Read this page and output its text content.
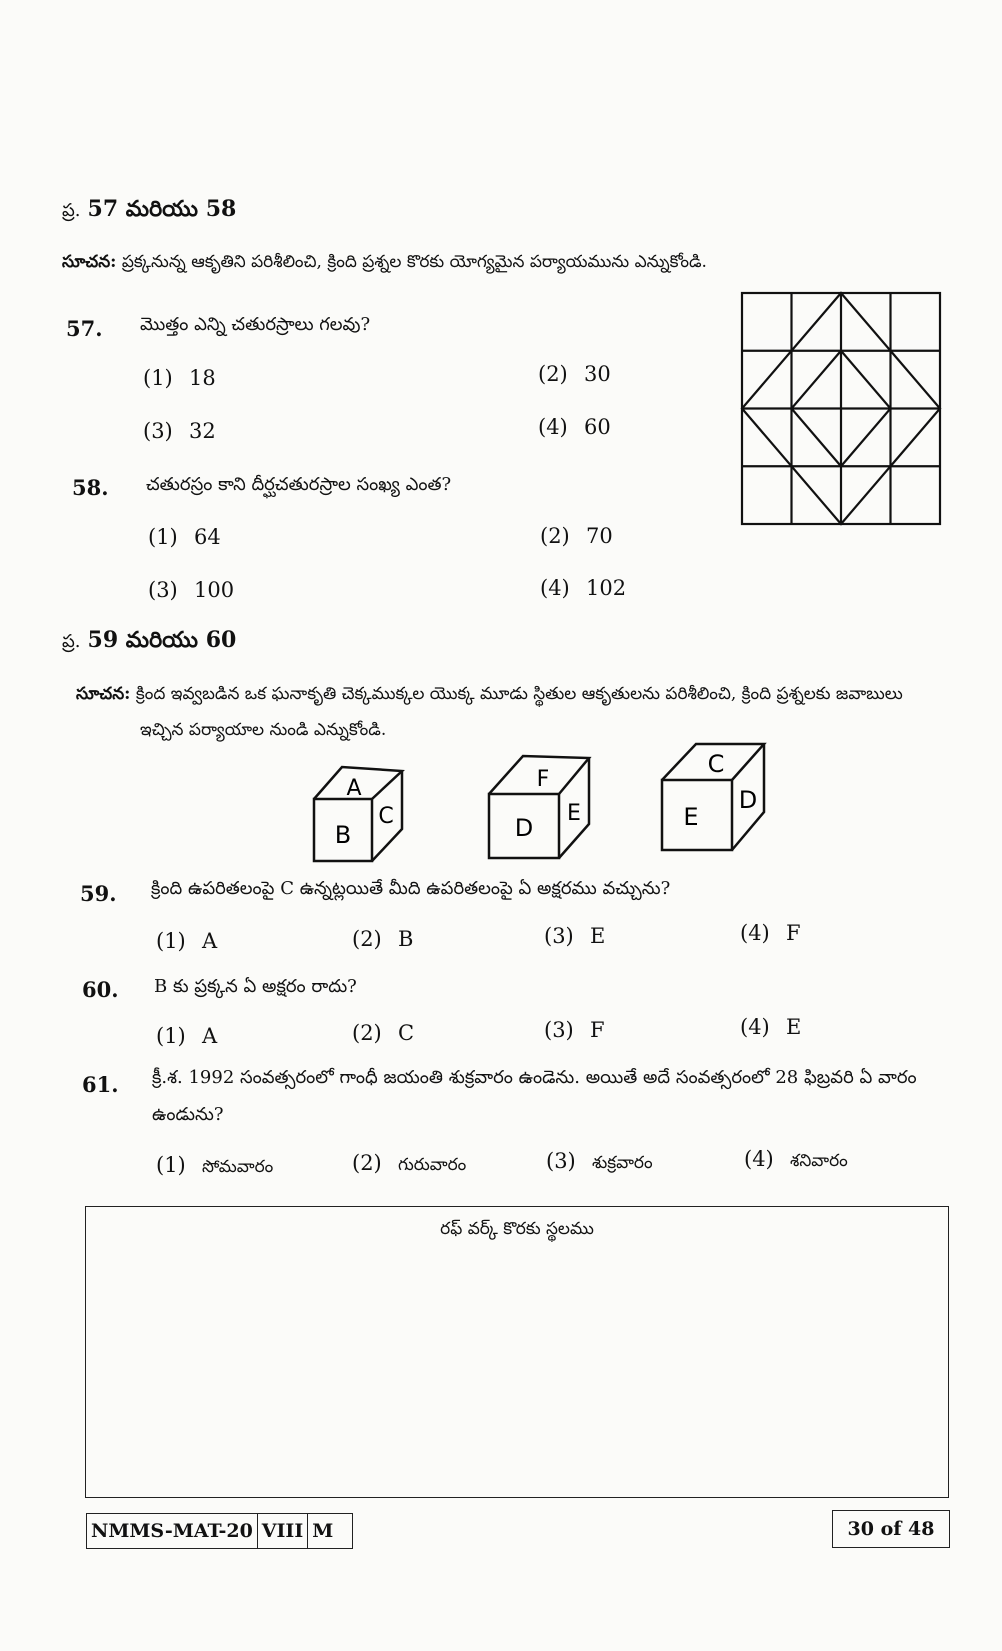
ప్ర. 57 మరియు 58
సూచన: ప్రక్కనున్న ఆకృతిని పరిశీలించి, క్రింది ప్రశ్నల కొరకు యోగ్యమైన పర్యాయమును ఎన్నుకోండి.
57. మొత్తం ఎన్ని చతురస్రాలు గలవు?
(1) 18	(2) 30
(3) 32	(4) 60
58. చతురస్రం కాని దీర్ఘచతురస్రాల సంఖ్య ఎంత?
(1) 64	(2) 70
(3) 100	(4) 102
ప్ర. 59 మరియు 60
సూచన: క్రింద ఇవ్వబడిన ఒక ఘనాకృతి చెక్కముక్కల యొక్క మూడు స్థితుల ఆకృతులను పరిశీలించి, క్రింది ప్రశ్నలకు జవాబులు
ఇచ్చిన పర్యాయాల నుండి ఎన్నుకోండి.
A
B
C
F
D
E
C
E
D
59. క్రింది ఉపరితలంపై C ఉన్నట్లయితే మీది ఉపరితలంపై ఏ అక్షరము వచ్చును?
(1) A	(2) B	(3) E	(4) F
60. B కు ప్రక్కన ఏ అక్షరం రాదు?
(1) A	(2) C	(3) F	(4) E
61. క్రీ.శ. 1992 సంవత్సరంలో గాంధీ జయంతి శుక్రవారం ఉండెను. అయితే అదే సంవత్సరంలో 28 ఫిబ్రవరి ఏ వారం
ఉండును?
(1) సోమవారం	(2) గురువారం	(3) శుక్రవారం	(4) శనివారం
రఫ్ వర్క్ కొరకు స్థలము
NMMS-MAT-20 VIII M	30 of 48
